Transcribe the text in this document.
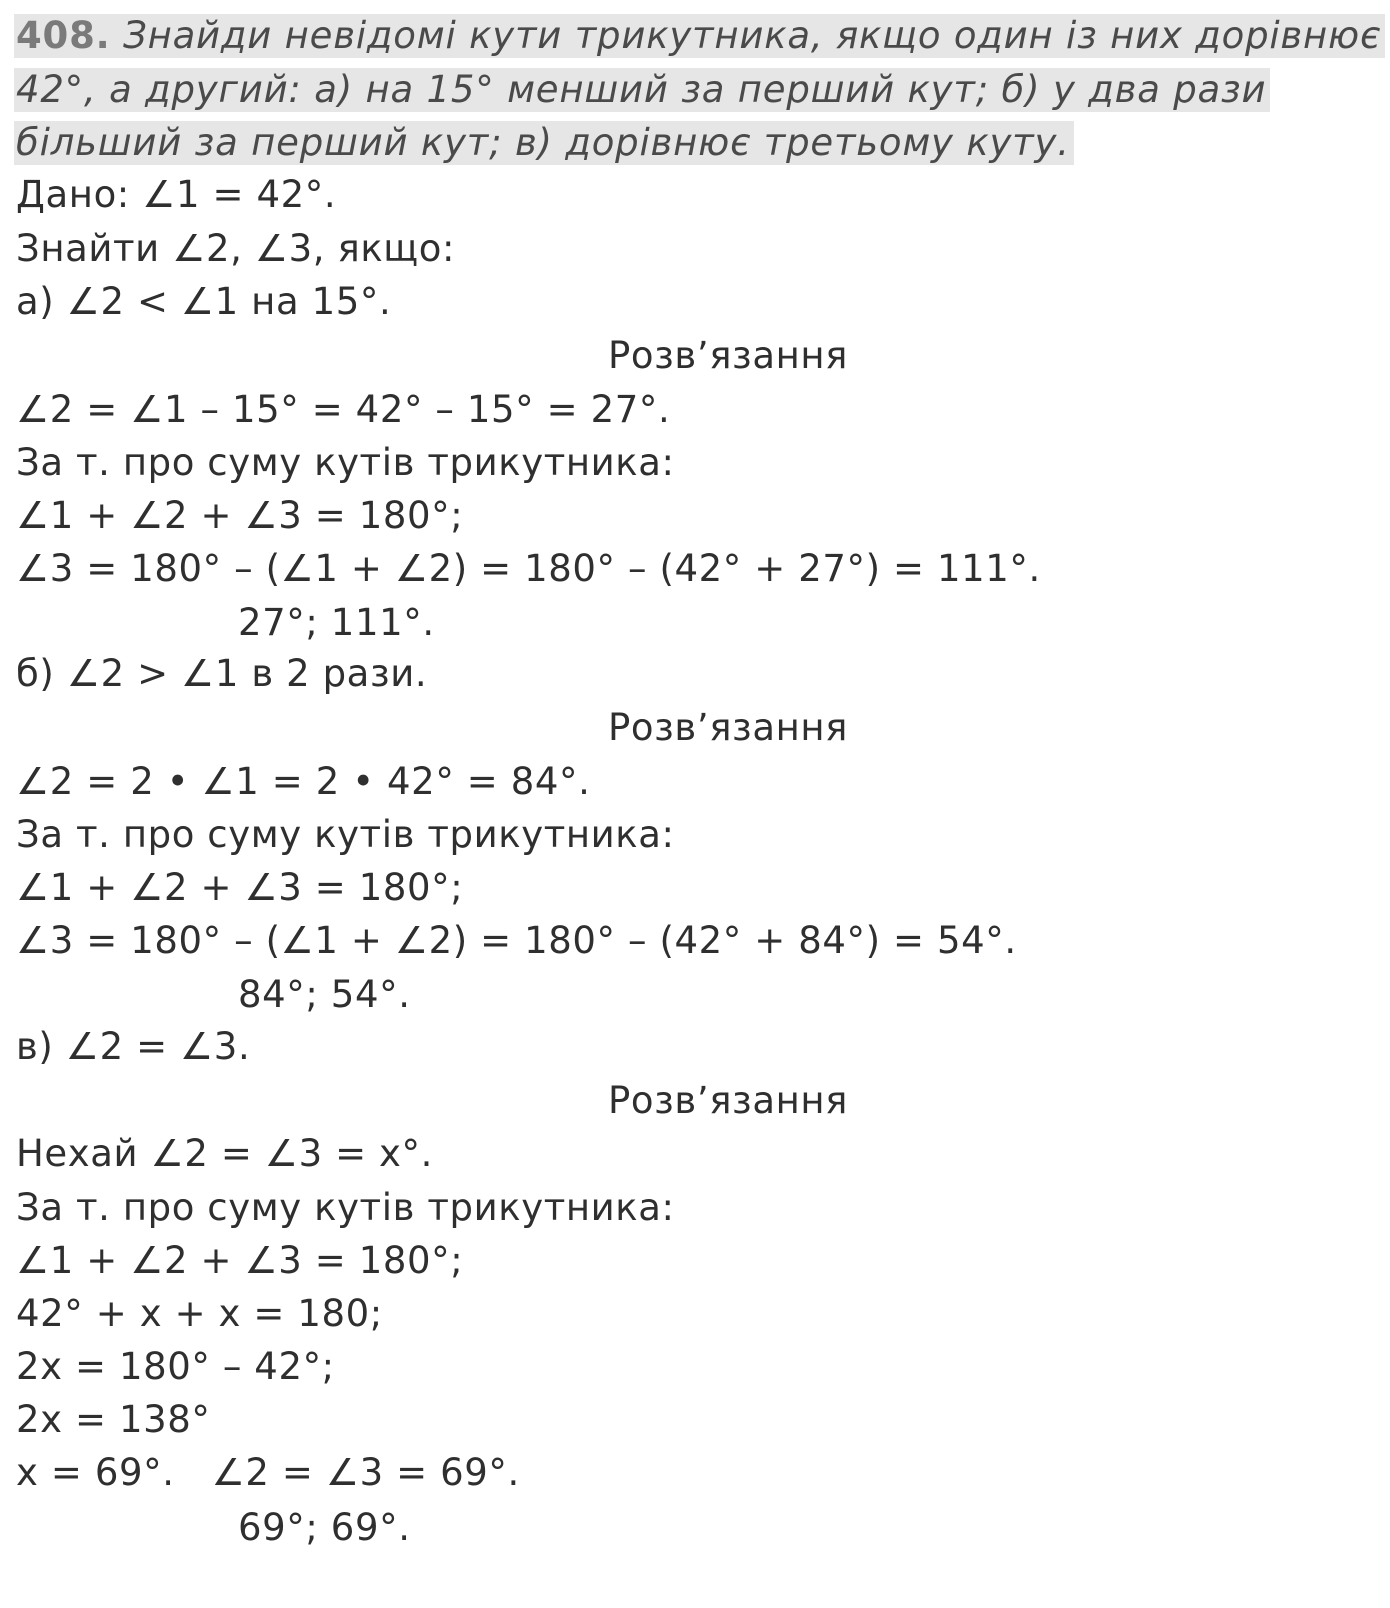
408. Знайди невідомі кути трикутника, якщо один із них дорівнює
42°, а другий: а) на 15° менший за перший кут; б) у два рази
більший за перший кут; в) дорівнює третьому куту.
Дано: ∠1 = 42°.
Знайти ∠2, ∠3, якщо:
а) ∠2 < ∠1 на 15°.
Розв’язання
∠2 = ∠1 – 15° = 42° – 15° = 27°.
За т. про суму кутів трикутника:
∠1 + ∠2 + ∠3 = 180°;
∠3 = 180° – (∠1 + ∠2) = 180° – (42° + 27°) = 111°.
27°; 111°.
б) ∠2 > ∠1 в 2 рази.
Розв’язання
∠2 = 2 • ∠1 = 2 • 42° = 84°.
За т. про суму кутів трикутника:
∠1 + ∠2 + ∠3 = 180°;
∠3 = 180° – (∠1 + ∠2) = 180° – (42° + 84°) = 54°.
84°; 54°.
в) ∠2 = ∠3.
Розв’язання
Нехай ∠2 = ∠3 = x°.
За т. про суму кутів трикутника:
∠1 + ∠2 + ∠3 = 180°;
42° + x + x = 180;
2x = 180° – 42°;
2x = 138°
x = 69°.   ∠2 = ∠3 = 69°.
69°; 69°.
